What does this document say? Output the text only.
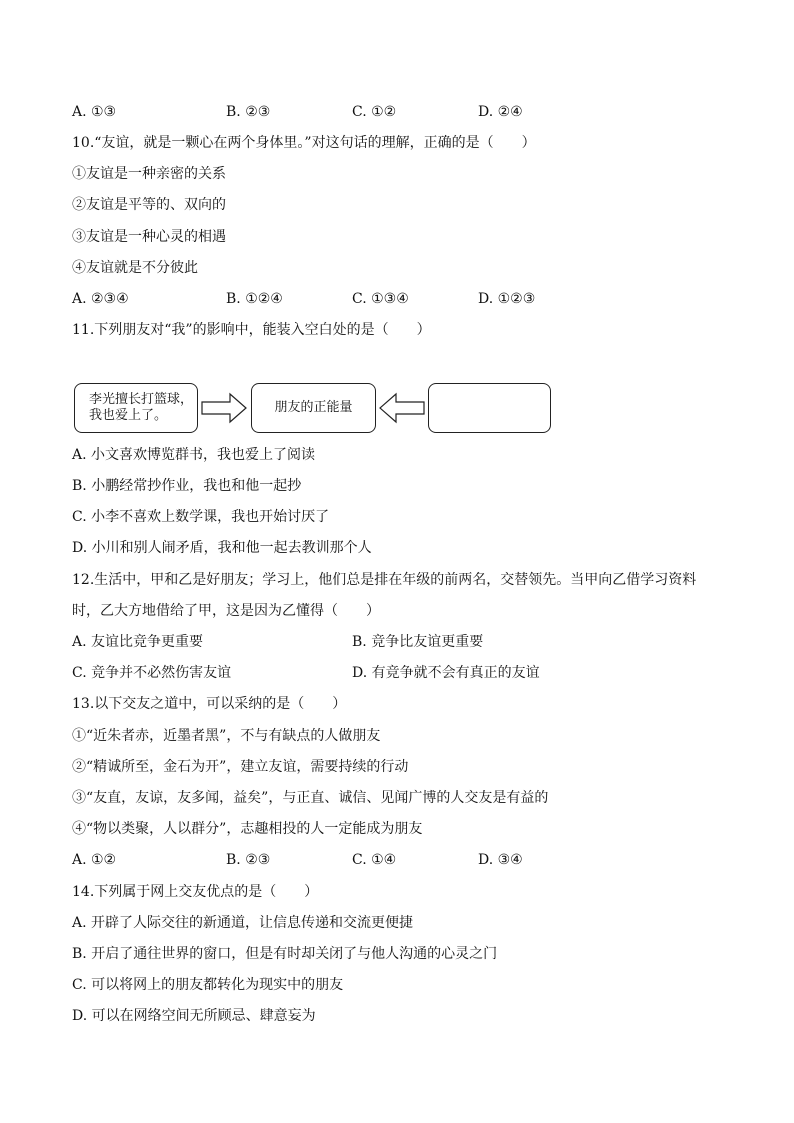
A. ①③	B. ②③	C. ①②	D. ②④
10.“友谊，就是一颗心在两个身体里。”对这句话的理解，正确的是（　　）
①友谊是一种亲密的关系
②友谊是平等的、双向的
③友谊是一种心灵的相遇
④友谊就是不分彼此
A. ②③④	B. ①②④	C. ①③④	D. ①②③
11.下列朋友对“我”的影响中，能装入空白处的是（　　）
李光擅长打篮球，
我也爱上了。
朋友的正能量
A. 小文喜欢博览群书，我也爱上了阅读
B. 小鹏经常抄作业，我也和他一起抄
C. 小李不喜欢上数学课，我也开始讨厌了
D. 小川和别人闹矛盾，我和他一起去教训那个人
12.生活中，甲和乙是好朋友；学习上，他们总是排在年级的前两名，交替领先。当甲向乙借学习资料
时，乙大方地借给了甲，这是因为乙懂得（　　）
A. 友谊比竞争更重要	B. 竞争比友谊更重要
C. 竞争并不必然伤害友谊	D. 有竞争就不会有真正的友谊
13.以下交友之道中，可以采纳的是（　　）
①“近朱者赤，近墨者黑”，不与有缺点的人做朋友
②“精诚所至，金石为开”，建立友谊，需要持续的行动
③“友直，友谅，友多闻，益矣”，与正直、诚信、见闻广博的人交友是有益的
④“物以类聚，人以群分”，志趣相投的人一定能成为朋友
A. ①②	B. ②③	C. ①④	D. ③④
14.下列属于网上交友优点的是（　　）
A. 开辟了人际交往的新通道，让信息传递和交流更便捷
B. 开启了通往世界的窗口，但是有时却关闭了与他人沟通的心灵之门
C. 可以将网上的朋友都转化为现实中的朋友
D. 可以在网络空间无所顾忌、肆意妄为
